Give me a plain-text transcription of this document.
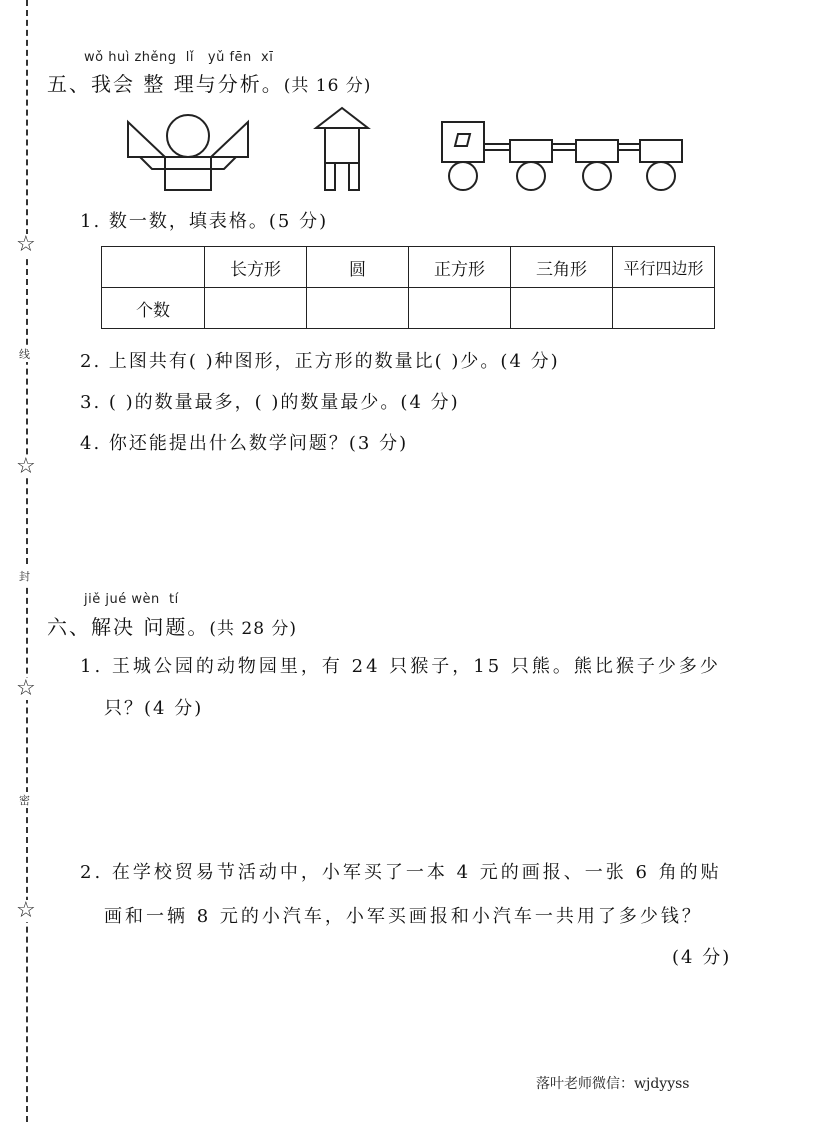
☆
线
☆
封
☆
密
☆
wǒ huì zhěng  lǐ   yǔ fēn  xī
五、我会 整 理与分析。(共 16 分)
1. 数一数，填表格。(5 分)
	长方形	圆	正方形	三角形	平行四边形
个数					
2. 上图共有( )种图形，正方形的数量比( )少。(4 分)
3. ( )的数量最多，( )的数量最少。(4 分)
4. 你还能提出什么数学问题？(3 分)
jiě jué wèn  tí
六、解决 问题。(共 28 分)
1. 王城公园的动物园里，有 24 只猴子，15 只熊。熊比猴子少多少
只？(4 分)
2. 在学校贸易节活动中，小军买了一本 4 元的画报、一张 6 角的贴
画和一辆 8 元的小汽车，小军买画报和小汽车一共用了多少钱？
(4 分)
落叶老师微信：wjdyyss
